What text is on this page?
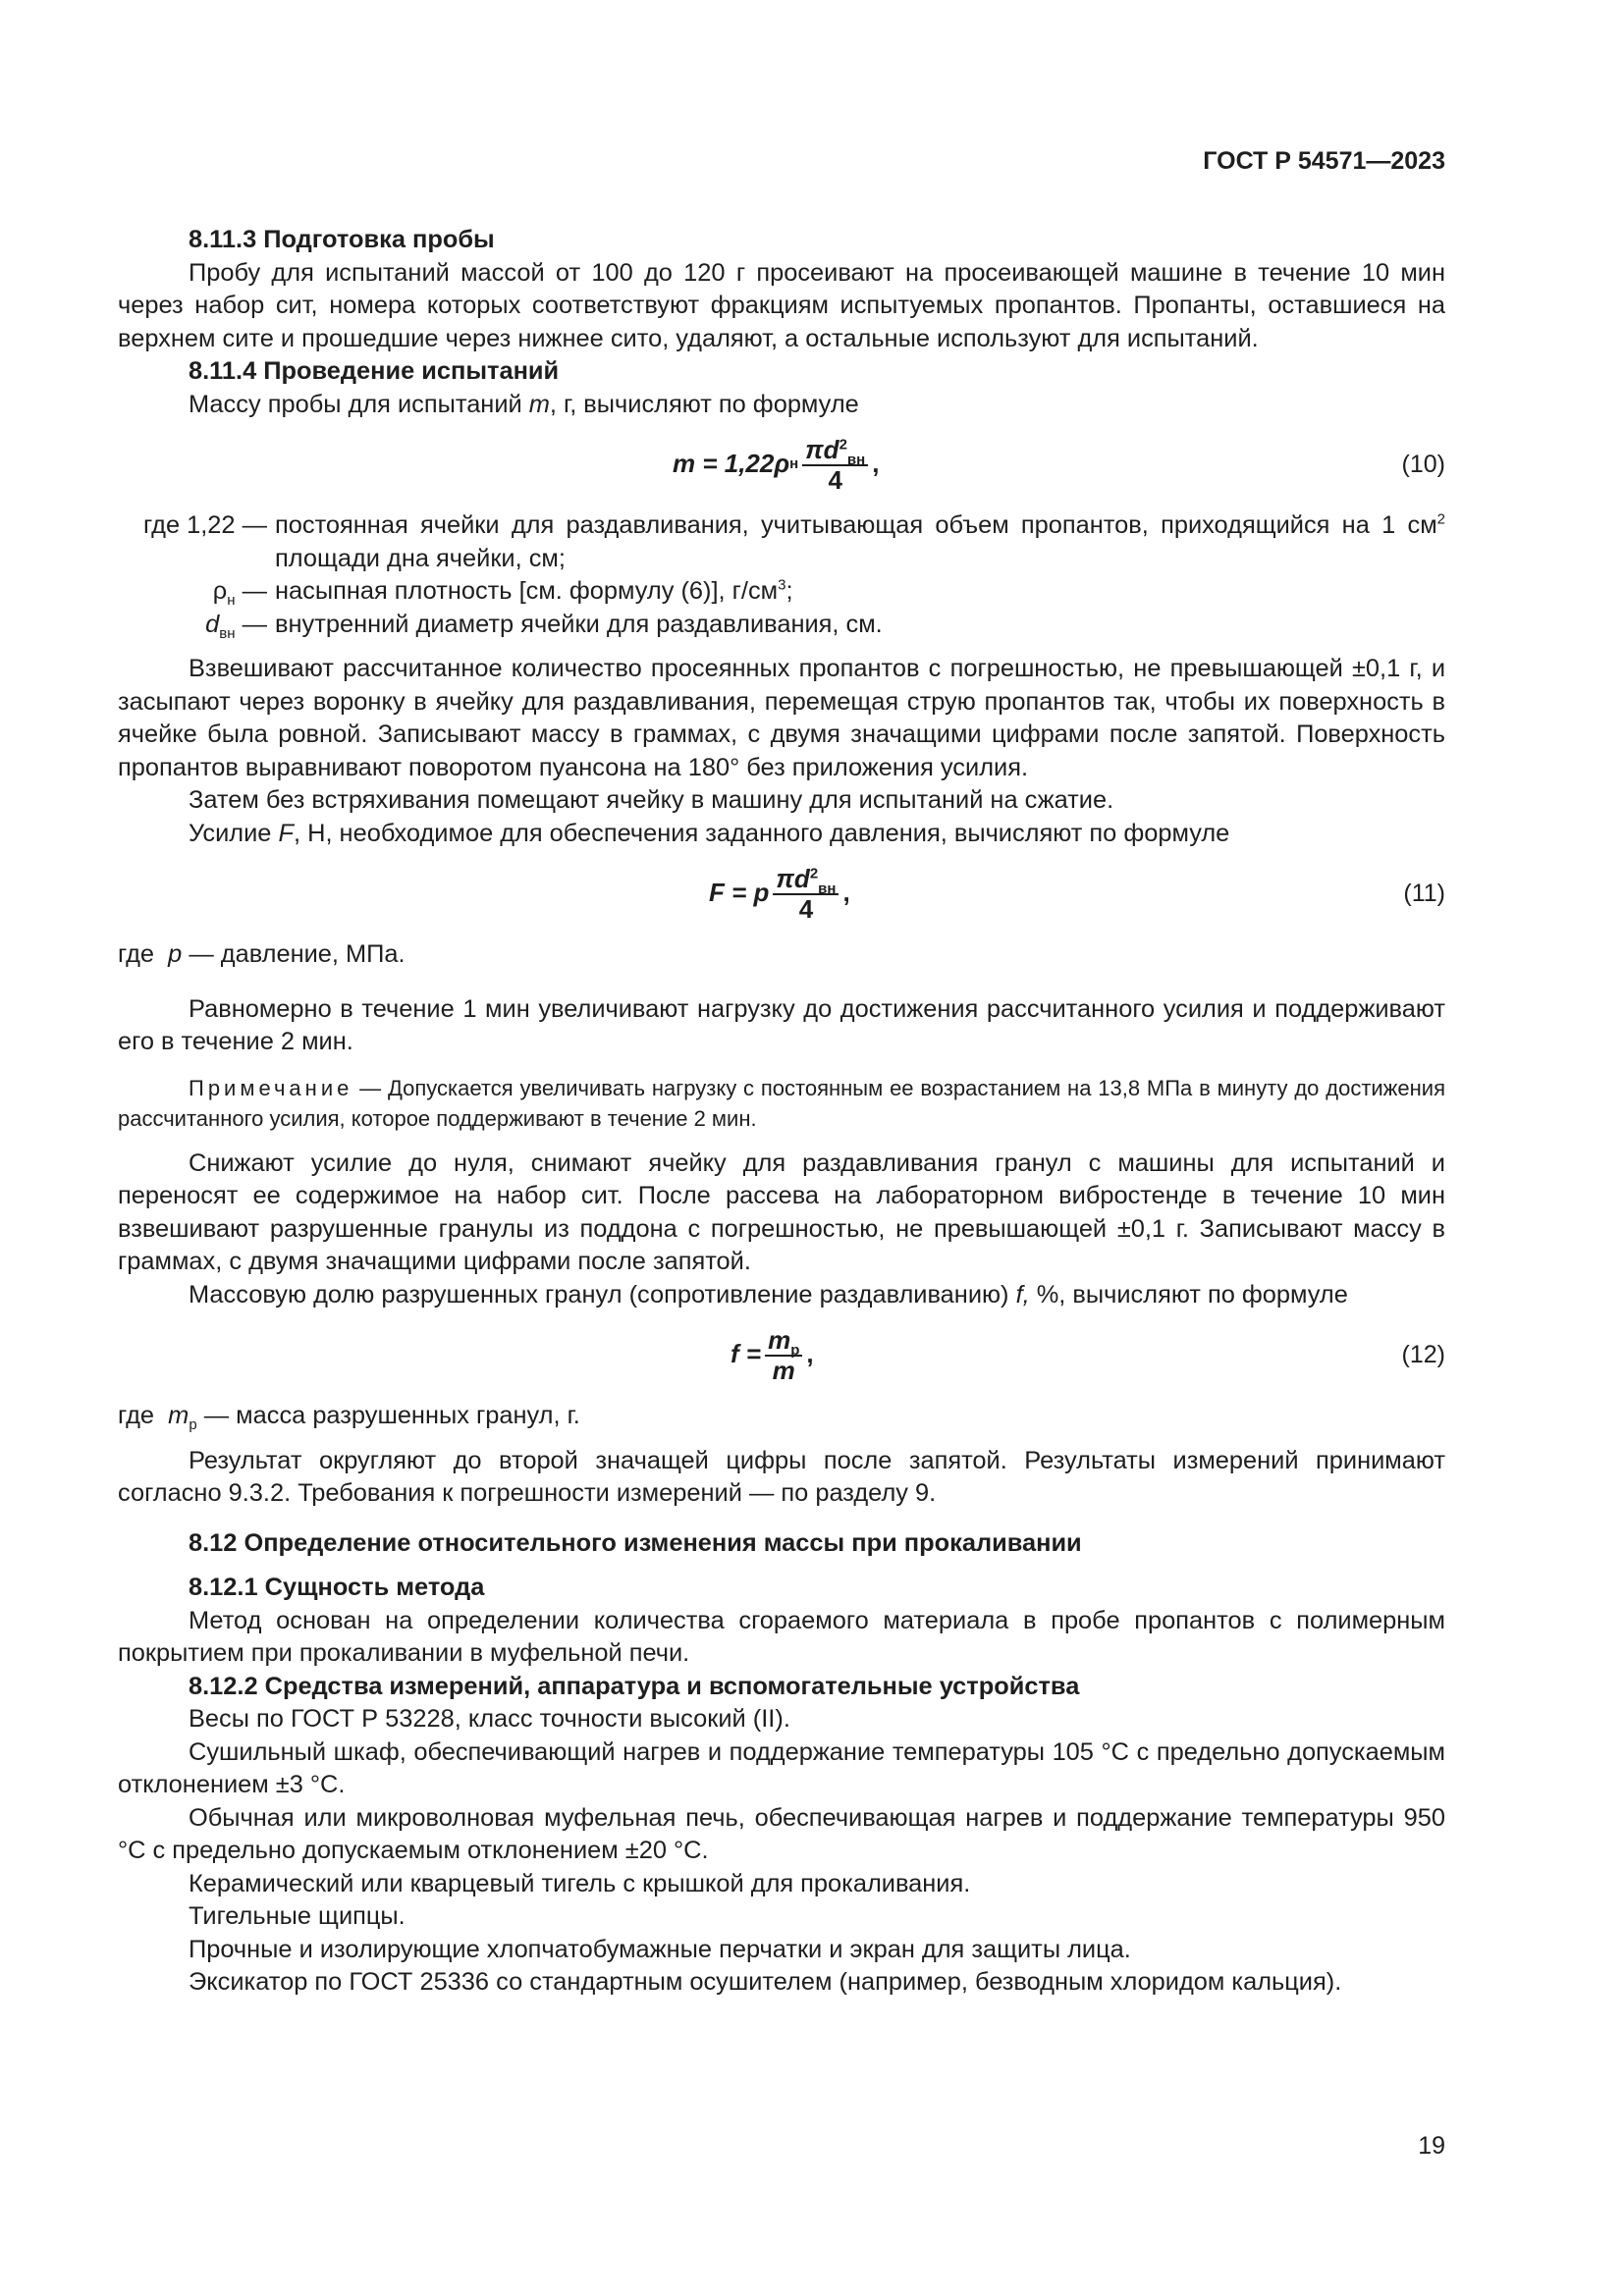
ГОСТ Р 54571—2023

8.11.3 Подготовка пробы

Пробу для испытаний массой от 100 до 120 г просеивают на просеивающей машине в течение 10 мин через набор сит, номера которых соответствуют фракциям испытуемых пропантов. Пропанты, оставшиеся на верхнем сите и прошедшие через нижнее сито, удаляют, а остальные используют для испытаний.

8.11.4 Проведение испытаний

Массу пробы для испытаний m, г, вычисляют по формуле

m = 1,22ρ н $\frac{\pi d^2_{вн}}{4}$ ,	(10)
где 1,22 — постоянная ячейки для раздавливания, учитывающая объем пропантов, приходящийся на 1 $см^2$ площади дна ячейки, см;
$\rho_н$ — насыпная плотность [см. формулу (6)], $г/см^3$;
$d_{вн}$ — внутренний диаметр ячейки для раздавливания, см.

Взвешивают рассчитанное количество просеянных пропантов с погрешностью, не превышающей ±0,1 г, и засыпают через воронку в ячейку для раздавливания, перемещая струю пропантов так, чтобы их поверхность в ячейке была ровной. Записывают массу в граммах, с двумя значащими цифрами после запятой. Поверхность пропантов выравнивают поворотом пуансона на 180° без приложения усилия.

Затем без встряхивания помещают ячейку в машину для испытаний на сжатие.

Усилие F, Н, необходимое для обеспечения заданного давления, вычисляют по формуле

F = p $\frac{\pi d^2_{вн}}{4}$ ,	(11)
где p — давление, МПа.

Равномерно в течение 1 мин увеличивают нагрузку до достижения рассчитанного усилия и поддерживают его в течение 2 мин.

Примечание — Допускается увеличивать нагрузку с постоянным ее возрастанием на 13,8 МПа в минуту до достижения рассчитанного усилия, которое поддерживают в течение 2 мин.

Снижают усилие до нуля, снимают ячейку для раздавливания гранул с машины для испытаний и переносят ее содержимое на набор сит. После рассева на лабораторном вибростенде в течение 10 мин взвешивают разрушенные гранулы из поддона с погрешностью, не превышающей ±0,1 г. Записывают массу в граммах, с двумя значащими цифрами после запятой.

Массовую долю разрушенных гранул (сопротивление раздавливанию) f, %, вычисляют по формуле

$f = \frac{m_p}{m}$ ,	(12)
где $m_p$ — масса разрушенных гранул, г.

Результат округляют до второй значащей цифры после запятой. Результаты измерений принимают согласно 9.3.2. Требования к погрешности измерений — по разделу 9.

8.12 Определение относительного изменения массы при прокаливании

8.12.1 Сущность метода

Метод основан на определении количества сгораемого материала в пробе пропантов с полимерным покрытием при прокаливании в муфельной печи.

8.12.2 Средства измерений, аппаратура и вспомогательные устройства

Весы по ГОСТ Р 53228, класс точности высокий (II).

Сушильный шкаф, обеспечивающий нагрев и поддержание температуры 105 °С с предельно допускаемым отклонением ±3 °С.

Обычная или микроволновая муфельная печь, обеспечивающая нагрев и поддержание температуры 950 °С с предельно допускаемым отклонением ±20 °С.

Керамический или кварцевый тигель с крышкой для прокаливания.

Тигельные щипцы.

Прочные и изолирующие хлопчатобумажные перчатки и экран для защиты лица.

Эксикатор по ГОСТ 25336 со стандартным осушителем (например, безводным хлоридом кальция).

19
